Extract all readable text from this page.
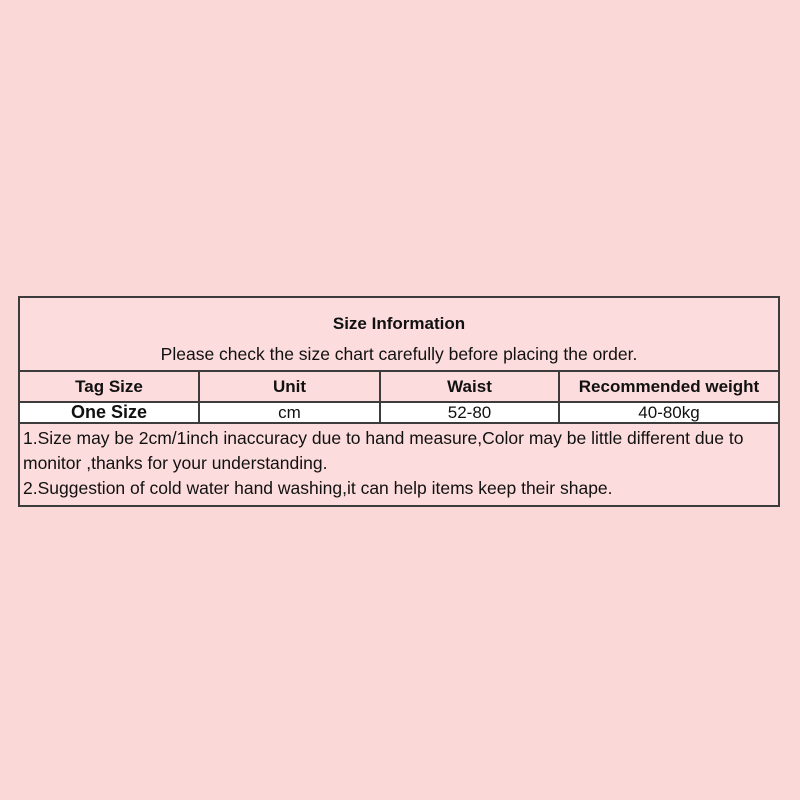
Size Information
Please check the size chart carefully before placing the order.
Tag Size	Unit	Waist	Recommended weight
One Size	cm	52-80	40-80kg
1.Size may be 2cm/1inch inaccuracy due to hand measure,Color may be little different due to monitor ,thanks for your understanding.
2.Suggestion of cold water hand washing,it can help items keep their shape.
